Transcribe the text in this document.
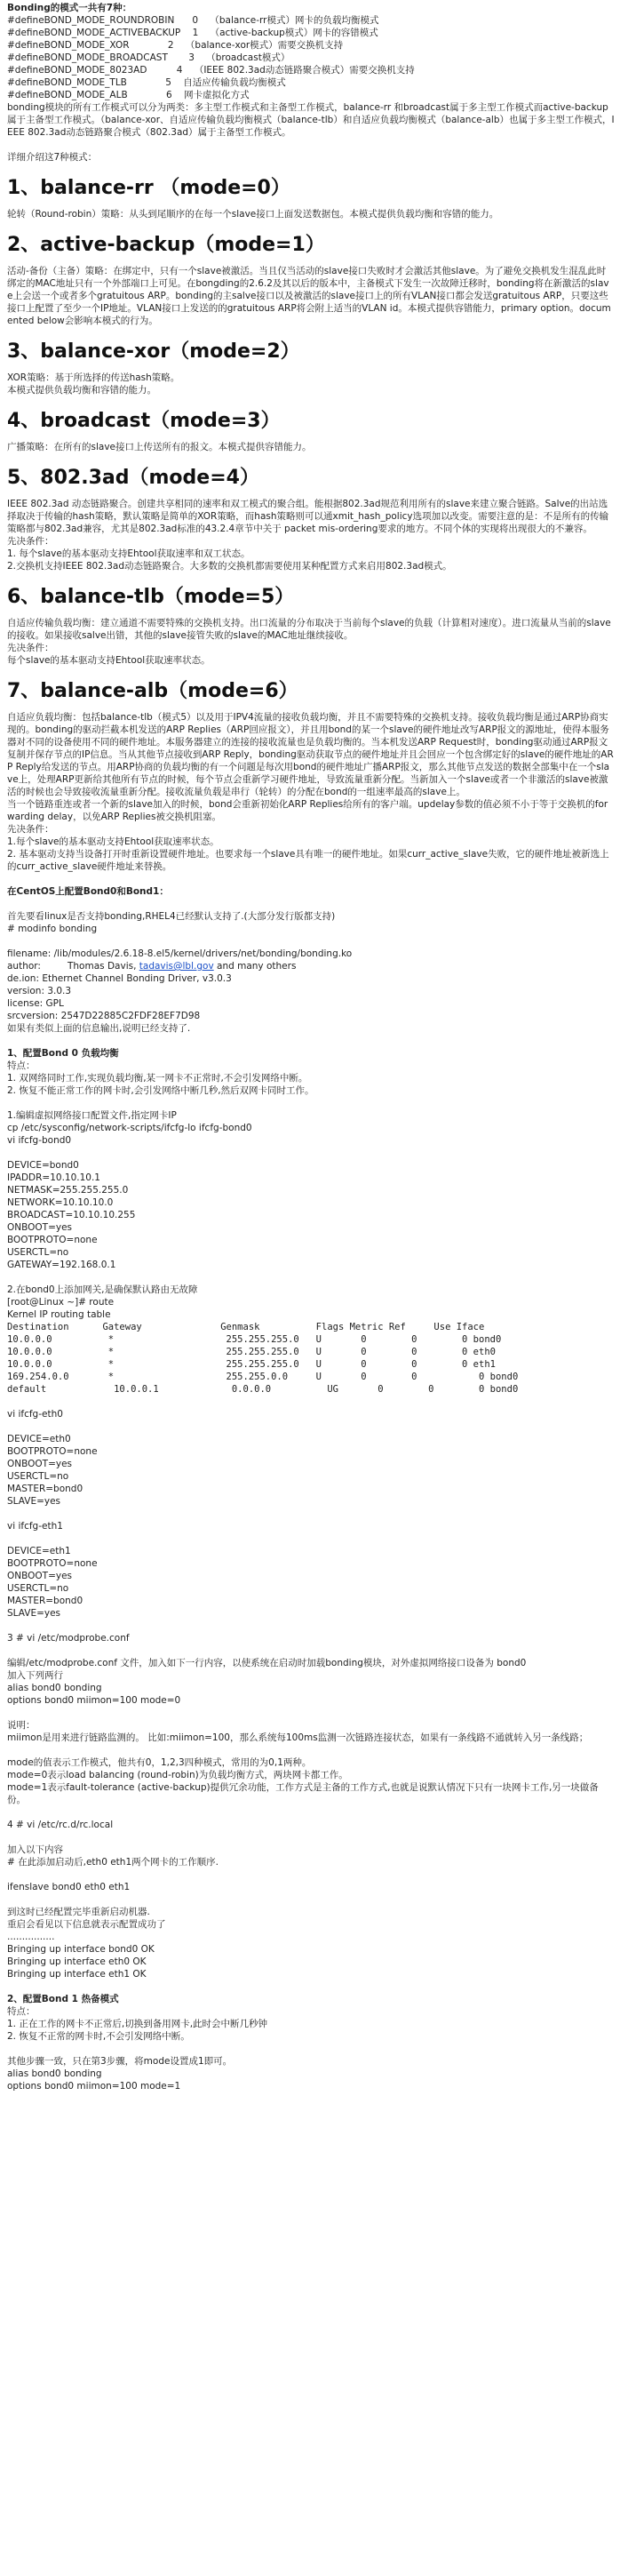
Bonding的模式一共有7种：
#defineBOND_MODE_ROUNDROBIN      0    （balance-rr模式）网卡的负载均衡模式
#defineBOND_MODE_ACTIVEBACKUP    1    （active-backup模式）网卡的容错模式
#defineBOND_MODE_XOR             2    （balance-xor模式）需要交换机支持
#defineBOND_MODE_BROADCAST       3    （broadcast模式）
#defineBOND_MODE_8023AD          4    （IEEE 802.3ad动态链路聚合模式）需要交换机支持
#defineBOND_MODE_TLB             5    自适应传输负载均衡模式
#defineBOND_MODE_ALB             6    网卡虚拟化方式
bonding模块的所有工作模式可以分为两类：多主型工作模式和主备型工作模式，balance-rr 和broadcast属于多主型工作模式而active-backup属于主备型工作模式。（balance-xor、自适应传输负载均衡模式（balance-tlb）和自适应负载均衡模式（balance-alb）也属于多主型工作模式，IEEE 802.3ad动态链路聚合模式（802.3ad）属于主备型工作模式。
详细介绍这7种模式：
1、balance-rr （mode=0）
轮转（Round-robin）策略：从头到尾顺序的在每一个slave接口上面发送数据包。本模式提供负载均衡和容错的能力。
2、active-backup（mode=1）
活动-备份（主备）策略：在绑定中，只有一个slave被激活。当且仅当活动的slave接口失败时才会激活其他slave。为了避免交换机发生混乱此时绑定的MAC地址只有一个外部端口上可见。在bongding的2.6.2及其以后的版本中，主备模式下发生一次故障迁移时，bonding将在新激活的slave上会送一个或者多个gratuitous ARP。bonding的主salve接口以及被激活的slave接口上的所有VLAN接口都会发送gratuitous ARP，只要这些接口上配置了至少一个IP地址。VLAN接口上发送的的gratuitous ARP将会附上适当的VLAN id。本模式提供容错能力，primary option。documented below会影响本模式的行为。
3、balance-xor（mode=2）
XOR策略：基于所选择的传送hash策略。
本模式提供负载均衡和容错的能力。
4、broadcast（mode=3）
广播策略：在所有的slave接口上传送所有的报文。本模式提供容错能力。
5、802.3ad（mode=4）
IEEE 802.3ad 动态链路聚合。创建共享相同的速率和双工模式的聚合组。能根据802.3ad规范利用所有的slave来建立聚合链路。Salve的出站选择取决于传输的hash策略，默认策略是简单的XOR策略，而hash策略则可以通xmit_hash_policy选项加以改变。需要注意的是：不是所有的传输策略都与802.3ad兼容，尤其是802.3ad标准的43.2.4章节中关于 packet mis-ordering要求的地方。不同个体的实现将出现很大的不兼容。
先决条件：
1. 每个slave的基本驱动支持Ehtool获取速率和双工状态。
2.交换机支持IEEE 802.3ad动态链路聚合。大多数的交换机都需要使用某种配置方式来启用802.3ad模式。
6、balance-tlb（mode=5）
自适应传输负载均衡：建立通道不需要特殊的交换机支持。出口流量的分布取决于当前每个slave的负载（计算相对速度）。进口流量从当前的slave的接收。如果接收salve出错，其他的slave接管失败的slave的MAC地址继续接收。
先决条件：
每个slave的基本驱动支持Ehtool获取速率状态。
7、balance-alb（mode=6）
自适应负载均衡：包括balance-tlb（模式5）以及用于IPV4流量的接收负载均衡，并且不需要特殊的交换机支持。接收负载均衡是通过ARP协商实现的。bonding的驱动拦截本机发送的ARP Replies（ARP回应报文），并且用bond的某一个slave的硬件地址改写ARP报文的源地址，使得本服务器对不同的设备使用不同的硬件地址。本服务器建立的连接的接收流量也是负载均衡的。当本机发送ARP Request时，bonding驱动通过ARP报文复制并保存节点的IP信息。当从其他节点接收到ARP Reply，bonding驱动获取节点的硬件地址并且会回应一个包含绑定好的slave的硬件地址的ARP Reply给发送的节点。用ARP协商的负载均衡的有一个问题是每次用bond的硬件地址广播ARP报文，那么其他节点发送的数据全部集中在一个slave上，处理ARP更新给其他所有节点的时候，每个节点会重新学习硬件地址，导致流量重新分配。当新加入一个slave或者一个非激活的slave被激活的时候也会导致接收流量重新分配。接收流量负载是串行（轮转）的分配在bond的一组速率最高的slave上。
当一个链路重连或者一个新的slave加入的时候，bond会重新初始化ARP Replies给所有的客户端。updelay参数的值必须不小于等于交换机的forwarding delay，以免ARP Replies被交换机阻塞。
先决条件：
1.每个slave的基本驱动支持Ehtool获取速率状态。
2. 基本驱动支持当设备打开时重新设置硬件地址。也要求每一个slave具有唯一的硬件地址。如果curr_active_slave失败，它的硬件地址被新选上的curr_active_slave硬件地址来替换。
在CentOS上配置Bond0和Bond1：
首先要看linux是否支持bonding,RHEL4已经默认支持了.(大部分发行版都支持)
# modinfo bonding
filename: /lib/modules/2.6.18-8.el5/kernel/drivers/net/bonding/bonding.ko
author:         Thomas Davis, tadavis@lbl.gov and many others
de.ion: Ethernet Channel Bonding Driver, v3.0.3
version: 3.0.3
license: GPL
srcversion: 2547D22885C2FDF28EF7D98
如果有类似上面的信息输出,说明已经支持了.
1、配置Bond 0 负载均衡
特点：
1. 双网络同时工作,实现负载均衡,某一网卡不正常时,不会引发网络中断。
2. 恢复不能正常工作的网卡时,会引发网络中断几秒,然后双网卡同时工作。
1.编辑虚拟网络接口配置文件,指定网卡IP
cp /etc/sysconfig/network-scripts/ifcfg-lo ifcfg-bond0
vi ifcfg-bond0
DEVICE=bond0
IPADDR=10.10.10.1
NETMASK=255.255.255.0
NETWORK=10.10.10.0
BROADCAST=10.10.10.255
ONBOOT=yes
BOOTPROTO=none
USERCTL=no
GATEWAY=192.168.0.1
2.在bond0上添加网关,是确保默认路由无故障
[root@Linux ~]# route
Kernel IP routing table
Destination      Gateway              Genmask          Flags Metric Ref     Use Iface
10.0.0.0          *                    255.255.255.0   U       0        0        0 bond0
10.0.0.0          *                    255.255.255.0   U       0        0        0 eth0
10.0.0.0          *                    255.255.255.0   U       0        0        0 eth1
169.254.0.0       *                    255.255.0.0     U       0        0           0 bond0
default            10.0.0.1             0.0.0.0          UG       0        0        0 bond0
vi ifcfg-eth0
DEVICE=eth0
BOOTPROTO=none
ONBOOT=yes
USERCTL=no
MASTER=bond0
SLAVE=yes
vi ifcfg-eth1
DEVICE=eth1
BOOTPROTO=none
ONBOOT=yes
USERCTL=no
MASTER=bond0
SLAVE=yes
3 # vi /etc/modprobe.conf
编辑/etc/modprobe.conf 文件，加入如下一行内容，以使系统在启动时加载bonding模块，对外虚拟网络接口设备为 bond0
加入下列两行
alias bond0 bonding
options bond0 miimon=100 mode=0
说明：
miimon是用来进行链路监测的。 比如:miimon=100，那么系统每100ms监测一次链路连接状态，如果有一条线路不通就转入另一条线路；
mode的值表示工作模式，他共有0，1,2,3四种模式，常用的为0,1两种。
mode=0表示load balancing (round-robin)为负载均衡方式，两块网卡都工作。
mode=1表示fault-tolerance (active-backup)提供冗余功能，工作方式是主备的工作方式,也就是说默认情况下只有一块网卡工作,另一块做备份。
4 # vi /etc/rc.d/rc.local
加入以下内容
# 在此添加启动后,eth0 eth1两个网卡的工作顺序.
ifenslave bond0 eth0 eth1
到这时已经配置完毕重新启动机器.
重启会看见以下信息就表示配置成功了
................
Bringing up interface bond0 OK
Bringing up interface eth0 OK
Bringing up interface eth1 OK
2、配置Bond 1 热备模式
特点：
1. 正在工作的网卡不正常后,切换到备用网卡,此时会中断几秒钟
2. 恢复不正常的网卡时,不会引发网络中断。
其他步骤一致，只在第3步骤，将mode设置成1即可。
alias bond0 bonding
options bond0 miimon=100 mode=1
